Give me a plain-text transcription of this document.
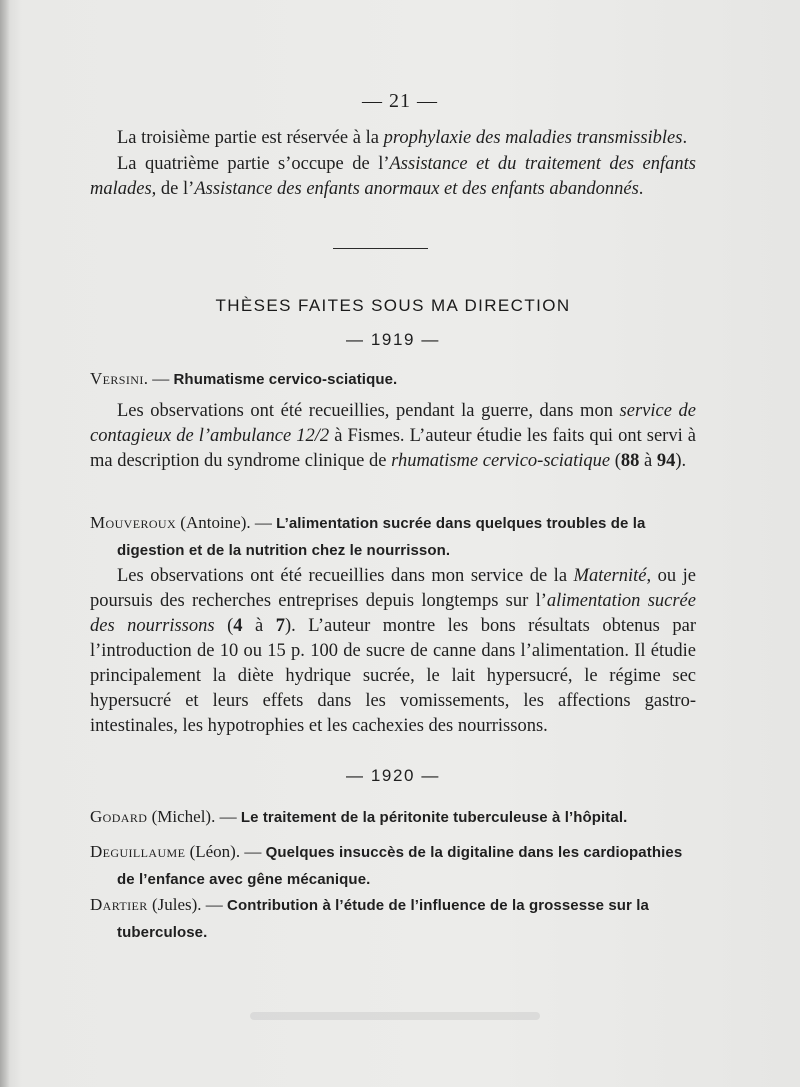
— 21 —

La troisième partie est réservée à la prophylaxie des maladies transmissibles.

La quatrième partie s’occupe de l’Assistance et du traitement des enfants malades, de l’Assistance des enfants anormaux et des enfants abandonnés.

THÈSES FAITES SOUS MA DIRECTION
— 1919 —

Versini. — Rhumatisme cervico-sciatique.

Les observations ont été recueillies, pendant la guerre, dans mon service de contagieux de l’ambulance 12/2 à Fismes. L’auteur étudie les faits qui ont servi à ma description du syndrome clinique de rhumatisme cervico-sciatique (88 à 94).

Mouveroux (Antoine). — L’alimentation sucrée dans quelques troubles de la digestion et de la nutrition chez le nourrisson.

Les observations ont été recueillies dans mon service de la Maternité, ou je poursuis des recherches entreprises depuis longtemps sur l’alimentation sucrée des nourrissons (4 à 7). L’auteur montre les bons résultats obtenus par l’introduction de 10 ou 15 p. 100 de sucre de canne dans l’alimentation. Il étudie principalement la diète hydrique sucrée, le lait hypersucré, le régime sec hypersucré et leurs effets dans les vomissements, les affections gastro-intestinales, les hypotrophies et les cachexies des nourrissons.

— 1920 —

Godard (Michel). — Le traitement de la péritonite tuberculeuse à l’hôpital.

Deguillaume (Léon). — Quelques insuccès de la digitaline dans les cardiopathies de l’enfance avec gêne mécanique.

Dartier (Jules). — Contribution à l’étude de l’influence de la grossesse sur la tuberculose.
